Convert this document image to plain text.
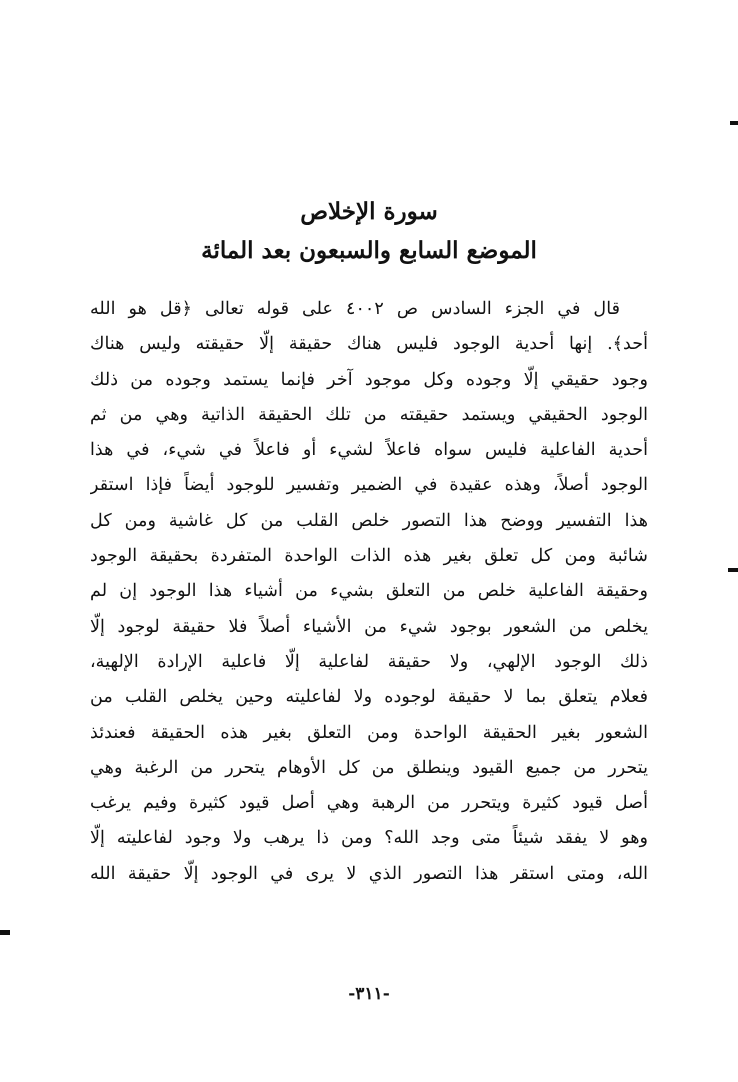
سورة الإخلاص
الموضع السابع والسبعون بعد المائة
قال في الجزء السادس ص ٤٠٠٢ على قوله تعالى ﴿قل هو الله
أحد﴾. إنها أحدية الوجود فليس هناك حقيقة إلّا حقيقته وليس هناك
وجود حقيقي إلّا وجوده وكل موجود آخر فإنما يستمد وجوده من ذلك
الوجود الحقيقي ويستمد حقيقته من تلك الحقيقة الذاتية وهي من ثم
أحدية الفاعلية فليس سواه فاعلاً لشيء أو فاعلاً في شيء، في هذا
الوجود أصلاً، وهذه عقيدة في الضمير وتفسير للوجود أيضاً فإذا استقر
هذا التفسير ووضح هذا التصور خلص القلب من كل غاشية ومن كل
شائبة ومن كل تعلق بغير هذه الذات الواحدة المتفردة بحقيقة الوجود
وحقيقة الفاعلية خلص من التعلق بشيء من أشياء هذا الوجود إن لم
يخلص من الشعور بوجود شيء من الأشياء أصلاً فلا حقيقة لوجود إلّا
ذلك الوجود الإلهي، ولا حقيقة لفاعلية إلّا فاعلية الإرادة الإلهية،
فعلام يتعلق بما لا حقيقة لوجوده ولا لفاعليته وحين يخلص القلب من
الشعور بغير الحقيقة الواحدة ومن التعلق بغير هذه الحقيقة فعندئذ
يتحرر من جميع القيود وينطلق من كل الأوهام يتحرر من الرغبة وهي
أصل قيود كثيرة ويتحرر من الرهبة وهي أصل قيود كثيرة وفيم يرغب
وهو لا يفقد شيئاً متى وجد الله؟ ومن ذا يرهب ولا وجود لفاعليته إلّا
الله، ومتى استقر هذا التصور الذي لا يرى في الوجود إلّا حقيقة الله
-٣١١-
